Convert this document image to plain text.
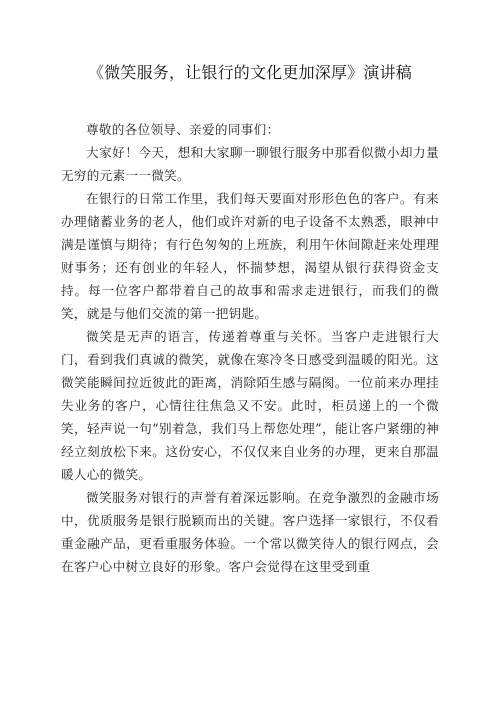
《微笑服务，让银行的文化更加深厚》演讲稿

尊敬的各位领导、亲爱的同事们：

大家好！今天，想和大家聊一聊银行服务中那看似微小却力量无穷的元素一一微笑。

在银行的日常工作里，我们每天要面对形形色色的客户。有来办理储蓄业务的老人，他们或许对新的电子设备不太熟悉，眼神中满是谨慎与期待；有行色匆匆的上班族，利用午休间隙赶来处理理财事务；还有创业的年轻人，怀揣梦想，渴望从银行获得资金支持。每一位客户都带着自己的故事和需求走进银行，而我们的微笑，就是与他们交流的第一把钥匙。

微笑是无声的语言，传递着尊重与关怀。当客户走进银行大门，看到我们真诚的微笑，就像在寒冷冬日感受到温暖的阳光。这微笑能瞬间拉近彼此的距离，消除陌生感与隔阂。一位前来办理挂失业务的客户，心情往往焦急又不安。此时，柜员递上的一个微笑，轻声说一句“别着急，我们马上帮您处理”，能让客户紧绷的神经立刻放松下来。这份安心，不仅仅来自业务的办理，更来自那温暖人心的微笑。

微笑服务对银行的声誉有着深远影响。在竞争激烈的金融市场中，优质服务是银行脱颖而出的关键。客户选择一家银行，不仅看重金融产品，更看重服务体验。一个常以微笑待人的银行网点，会在客户心中树立良好的形象。客户会觉得在这里受到重
